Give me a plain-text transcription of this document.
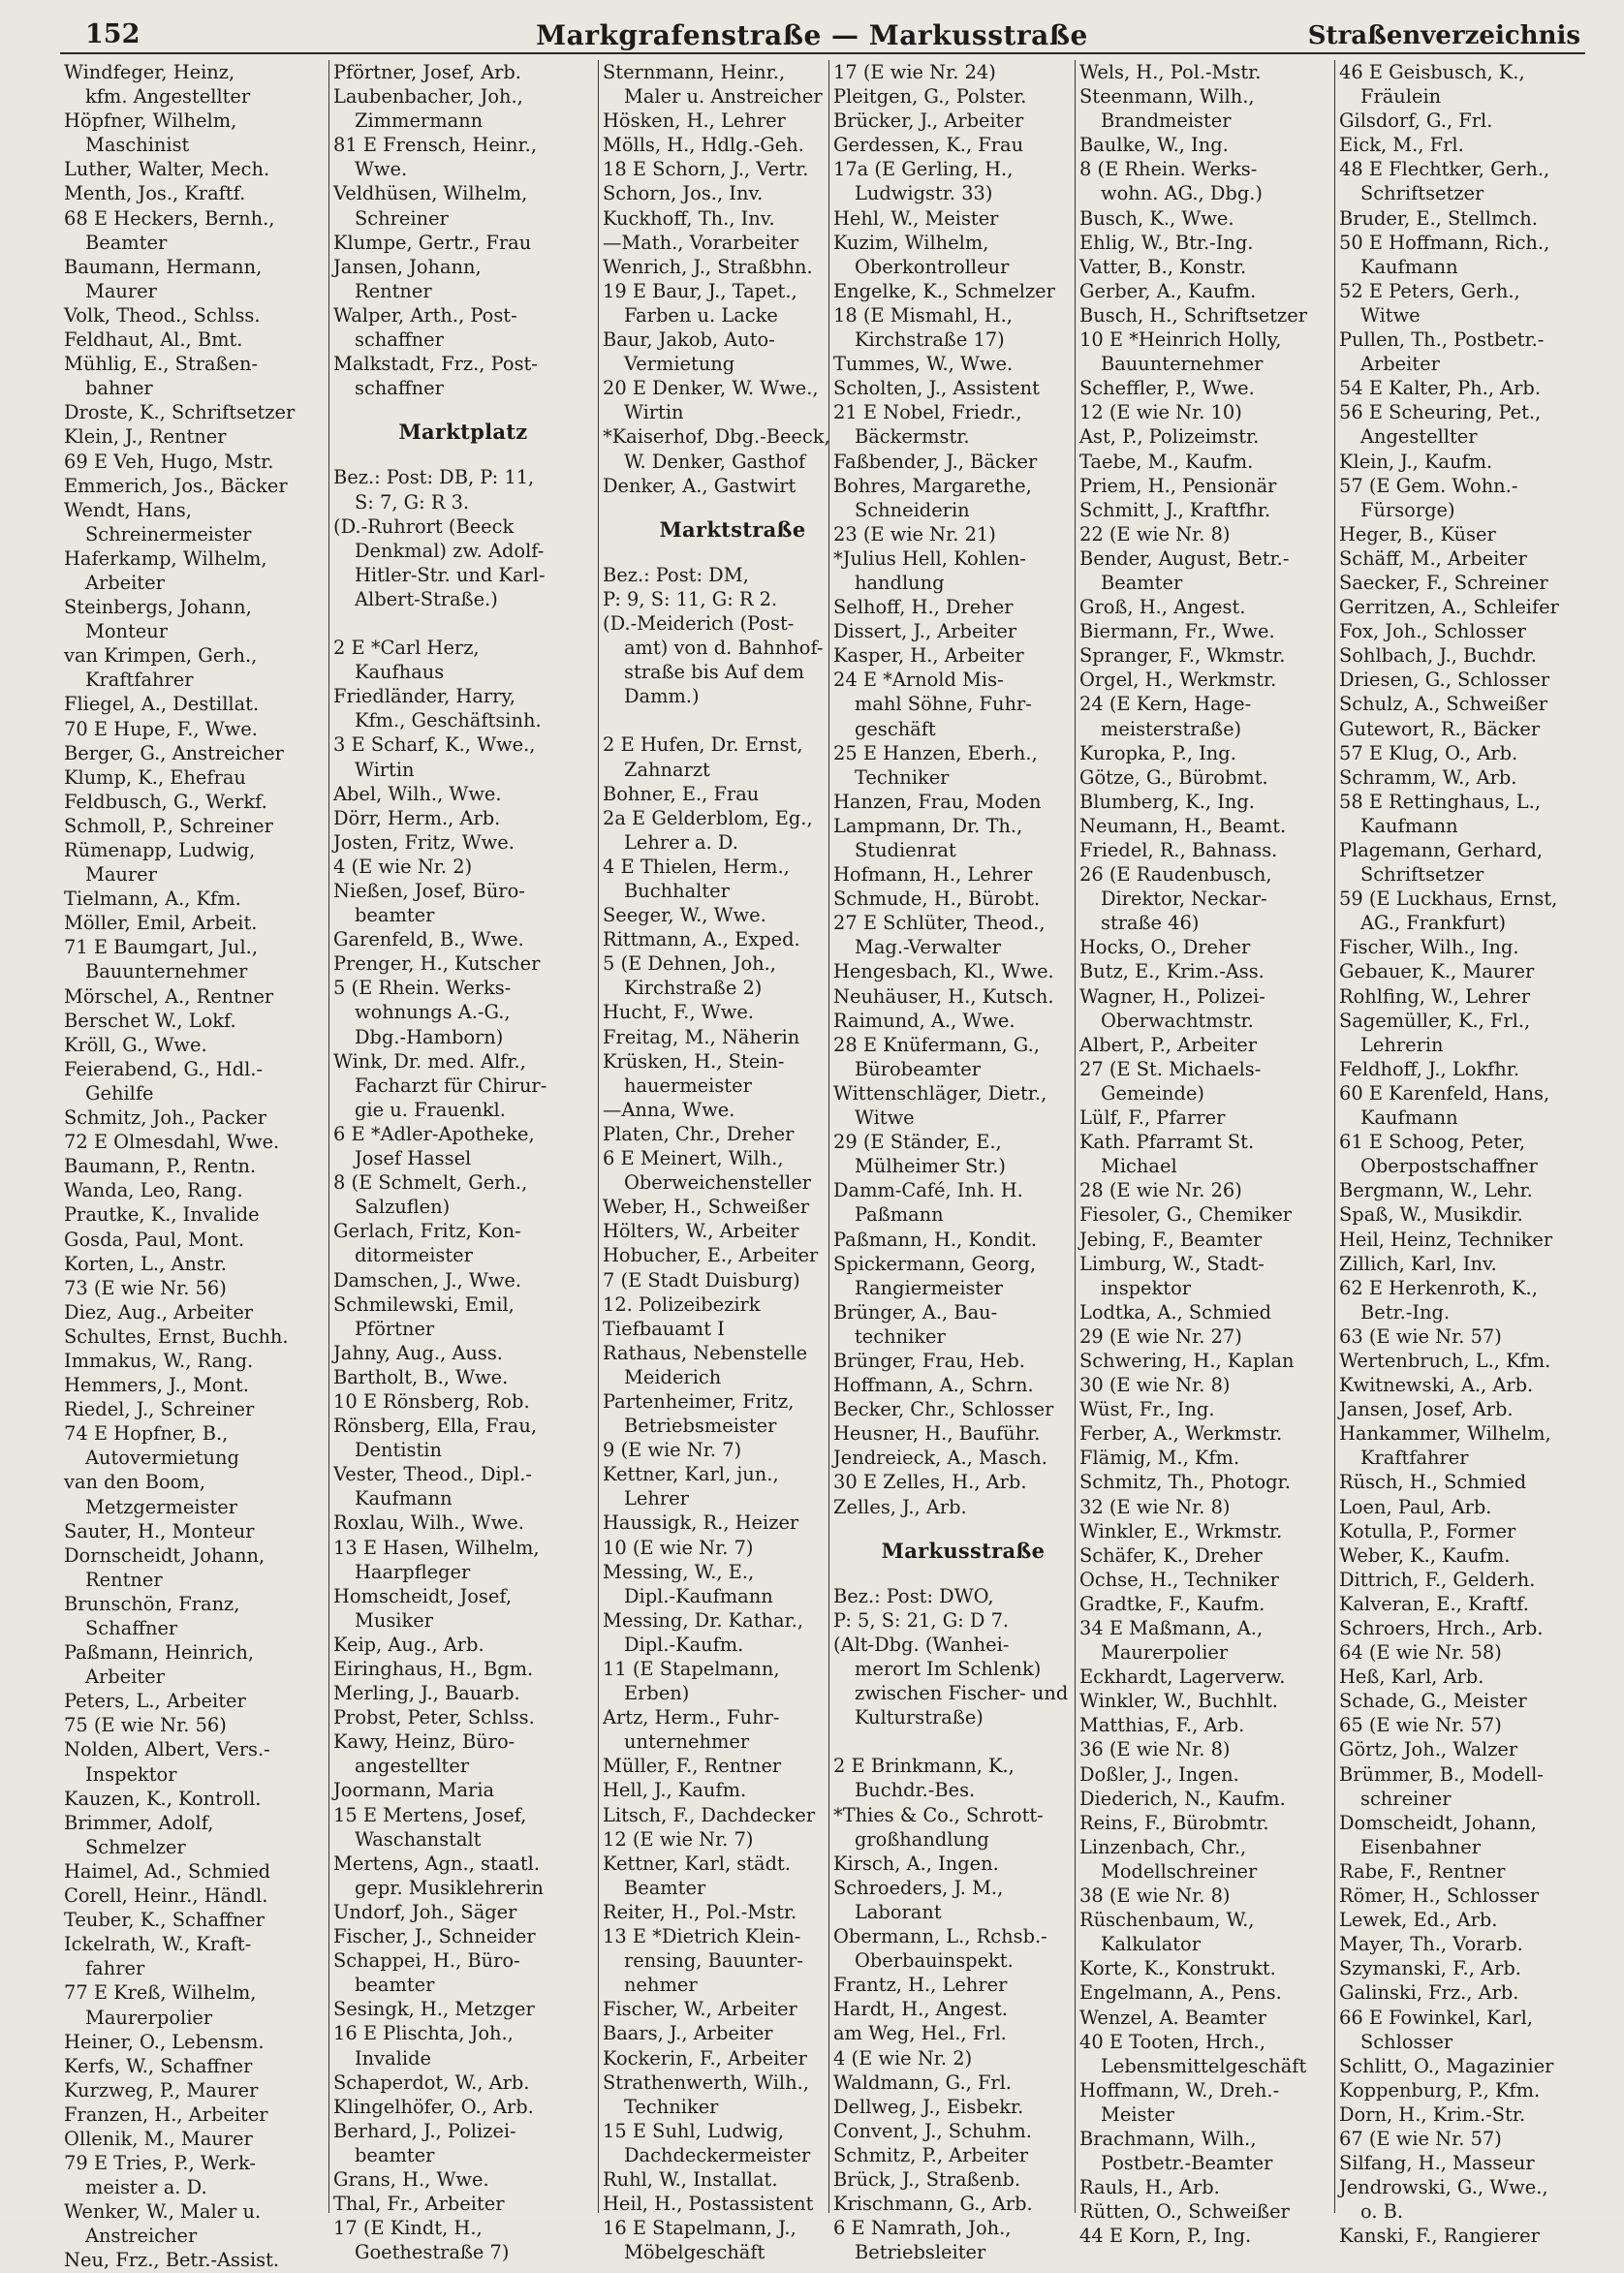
152	Markgrafenstraße — Markusstraße	Straßenverzeichnis
Windfeger, Heinz,
kfm. Angestellter
Höpfner, Wilhelm,
Maschinist
Luther, Walter, Mech.
Menth, Jos., Kraftf.
68 E Heckers, Bernh.,
Beamter
Baumann, Hermann,
Maurer
Volk, Theod., Schlss.
Feldhaut, Al., Bmt.
Mühlig, E., Straßen-
bahner
Droste, K., Schriftsetzer
Klein, J., Rentner
69 E Veh, Hugo, Mstr.
Emmerich, Jos., Bäcker
Wendt, Hans,
Schreinermeister
Haferkamp, Wilhelm,
Arbeiter
Steinbergs, Johann,
Monteur
van Krimpen, Gerh.,
Kraftfahrer
Fliegel, A., Destillat.
70 E Hupe, F., Wwe.
Berger, G., Anstreicher
Klump, K., Ehefrau
Feldbusch, G., Werkf.
Schmoll, P., Schreiner
Rümenapp, Ludwig,
Maurer
Tielmann, A., Kfm.
Möller, Emil, Arbeit.
71 E Baumgart, Jul.,
Bauunternehmer
Mörschel, A., Rentner
Berschet W., Lokf.
Kröll, G., Wwe.
Feierabend, G., Hdl.-
Gehilfe
Schmitz, Joh., Packer
72 E Olmesdahl, Wwe.
Baumann, P., Rentn.
Wanda, Leo, Rang.
Prautke, K., Invalide
Gosda, Paul, Mont.
Korten, L., Anstr.
73 (E wie Nr. 56)
Diez, Aug., Arbeiter
Schultes, Ernst, Buchh.
Immakus, W., Rang.
Hemmers, J., Mont.
Riedel, J., Schreiner
74 E Hopfner, B.,
Autovermietung
van den Boom,
Metzgermeister
Sauter, H., Monteur
Dornscheidt, Johann,
Rentner
Brunschön, Franz,
Schaffner
Paßmann, Heinrich,
Arbeiter
Peters, L., Arbeiter
75 (E wie Nr. 56)
Nolden, Albert, Vers.-
Inspektor
Kauzen, K., Kontroll.
Brimmer, Adolf,
Schmelzer
Haimel, Ad., Schmied
Corell, Heinr., Händl.
Teuber, K., Schaffner
Ickelrath, W., Kraft-
fahrer
77 E Kreß, Wilhelm,
Maurerpolier
Heiner, O., Lebensm.
Kerfs, W., Schaffner
Kurzweg, P., Maurer
Franzen, H., Arbeiter
Ollenik, M., Maurer
79 E Tries, P., Werk-
meister a. D.
Wenker, W., Maler u.
Anstreicher
Neu, Frz., Betr.-Assist.
Pförtner, Josef, Arb.
Laubenbacher, Joh.,
Zimmermann
81 E Frensch, Heinr.,
Wwe.
Veldhüsen, Wilhelm,
Schreiner
Klumpe, Gertr., Frau
Jansen, Johann,
Rentner
Walper, Arth., Post-
schaffner
Malkstadt, Frz., Post-
schaffner
Marktplatz
Bez.: Post: DB, P: 11,
S: 7, G: R 3.
(D.-Ruhrort (Beeck
Denkmal) zw. Adolf-
Hitler-Str. und Karl-
Albert-Straße.)
2 E *Carl Herz,
Kaufhaus
Friedländer, Harry,
Kfm., Geschäftsinh.
3 E Scharf, K., Wwe.,
Wirtin
Abel, Wilh., Wwe.
Dörr, Herm., Arb.
Josten, Fritz, Wwe.
4 (E wie Nr. 2)
Nießen, Josef, Büro-
beamter
Garenfeld, B., Wwe.
Prenger, H., Kutscher
5 (E Rhein. Werks-
wohnungs A.-G.,
Dbg.-Hamborn)
Wink, Dr. med. Alfr.,
Facharzt für Chirur-
gie u. Frauenkl.
6 E *Adler-Apotheke,
Josef Hassel
8 (E Schmelt, Gerh.,
Salzuflen)
Gerlach, Fritz, Kon-
ditormeister
Damschen, J., Wwe.
Schmilewski, Emil,
Pförtner
Jahny, Aug., Auss.
Bartholt, B., Wwe.
10 E Rönsberg, Rob.
Rönsberg, Ella, Frau,
Dentistin
Vester, Theod., Dipl.-
Kaufmann
Roxlau, Wilh., Wwe.
13 E Hasen, Wilhelm,
Haarpfleger
Homscheidt, Josef,
Musiker
Keip, Aug., Arb.
Eiringhaus, H., Bgm.
Merling, J., Bauarb.
Probst, Peter, Schlss.
Kawy, Heinz, Büro-
angestellter
Joormann, Maria
15 E Mertens, Josef,
Waschanstalt
Mertens, Agn., staatl.
gepr. Musiklehrerin
Undorf, Joh., Säger
Fischer, J., Schneider
Schappei, H., Büro-
beamter
Sesingk, H., Metzger
16 E Plischta, Joh.,
Invalide
Schaperdot, W., Arb.
Klingelhöfer, O., Arb.
Berhard, J., Polizei-
beamter
Grans, H., Wwe.
Thal, Fr., Arbeiter
17 (E Kindt, H.,
Goethestraße 7)
Sternmann, Heinr.,
Maler u. Anstreicher
Hösken, H., Lehrer
Mölls, H., Hdlg.-Geh.
18 E Schorn, J., Vertr.
Schorn, Jos., Inv.
Kuckhoff, Th., Inv.
—Math., Vorarbeiter
Wenrich, J., Straßbhn.
19 E Baur, J., Tapet.,
Farben u. Lacke
Baur, Jakob, Auto-
Vermietung
20 E Denker, W. Wwe.,
Wirtin
*Kaiserhof, Dbg.-Beeck,
W. Denker, Gasthof
Denker, A., Gastwirt
Marktstraße
Bez.: Post: DM,
P: 9, S: 11, G: R 2.
(D.-Meiderich (Post-
amt) von d. Bahnhof-
straße bis Auf dem
Damm.)
2 E Hufen, Dr. Ernst,
Zahnarzt
Bohner, E., Frau
2a E Gelderblom, Eg.,
Lehrer a. D.
4 E Thielen, Herm.,
Buchhalter
Seeger, W., Wwe.
Rittmann, A., Exped.
5 (E Dehnen, Joh.,
Kirchstraße 2)
Hucht, F., Wwe.
Freitag, M., Näherin
Krüsken, H., Stein-
hauermeister
—Anna, Wwe.
Platen, Chr., Dreher
6 E Meinert, Wilh.,
Oberweichensteller
Weber, H., Schweißer
Hölters, W., Arbeiter
Hobucher, E., Arbeiter
7 (E Stadt Duisburg)
12. Polizeibezirk
Tiefbauamt I
Rathaus, Nebenstelle
Meiderich
Partenheimer, Fritz,
Betriebsmeister
9 (E wie Nr. 7)
Kettner, Karl, jun.,
Lehrer
Haussigk, R., Heizer
10 (E wie Nr. 7)
Messing, W., E.,
Dipl.-Kaufmann
Messing, Dr. Kathar.,
Dipl.-Kaufm.
11 (E Stapelmann,
Erben)
Artz, Herm., Fuhr-
unternehmer
Müller, F., Rentner
Hell, J., Kaufm.
Litsch, F., Dachdecker
12 (E wie Nr. 7)
Kettner, Karl, städt.
Beamter
Reiter, H., Pol.-Mstr.
13 E *Dietrich Klein-
rensing, Bauunter-
nehmer
Fischer, W., Arbeiter
Baars, J., Arbeiter
Kockerin, F., Arbeiter
Strathenwerth, Wilh.,
Techniker
15 E Suhl, Ludwig,
Dachdeckermeister
Ruhl, W., Installat.
Heil, H., Postassistent
16 E Stapelmann, J.,
Möbelgeschäft
17 (E wie Nr. 24)
Pleitgen, G., Polster.
Brücker, J., Arbeiter
Gerdessen, K., Frau
17a (E Gerling, H.,
Ludwigstr. 33)
Hehl, W., Meister
Kuzim, Wilhelm,
Oberkontrolleur
Engelke, K., Schmelzer
18 (E Mismahl, H.,
Kirchstraße 17)
Tummes, W., Wwe.
Scholten, J., Assistent
21 E Nobel, Friedr.,
Bäckermstr.
Faßbender, J., Bäcker
Bohres, Margarethe,
Schneiderin
23 (E wie Nr. 21)
*Julius Hell, Kohlen-
handlung
Selhoff, H., Dreher
Dissert, J., Arbeiter
Kasper, H., Arbeiter
24 E *Arnold Mis-
mahl Söhne, Fuhr-
geschäft
25 E Hanzen, Eberh.,
Techniker
Hanzen, Frau, Moden
Lampmann, Dr. Th.,
Studienrat
Hofmann, H., Lehrer
Schmude, H., Bürobt.
27 E Schlüter, Theod.,
Mag.-Verwalter
Hengesbach, Kl., Wwe.
Neuhäuser, H., Kutsch.
Raimund, A., Wwe.
28 E Knüfermann, G.,
Bürobeamter
Wittenschläger, Dietr.,
Witwe
29 (E Ständer, E.,
Mülheimer Str.)
Damm-Café, Inh. H.
Paßmann
Paßmann, H., Kondit.
Spickermann, Georg,
Rangiermeister
Brünger, A., Bau-
techniker
Brünger, Frau, Heb.
Hoffmann, A., Schrn.
Becker, Chr., Schlosser
Heusner, H., Bauführ.
Jendreieck, A., Masch.
30 E Zelles, H., Arb.
Zelles, J., Arb.
Markusstraße
Bez.: Post: DWO,
P: 5, S: 21, G: D 7.
(Alt-Dbg. (Wanhei-
merort Im Schlenk)
zwischen Fischer- und
Kulturstraße)
2 E Brinkmann, K.,
Buchdr.-Bes.
*Thies & Co., Schrott-
großhandlung
Kirsch, A., Ingen.
Schroeders, J. M.,
Laborant
Obermann, L., Rchsb.-
Oberbauinspekt.
Frantz, H., Lehrer
Hardt, H., Angest.
am Weg, Hel., Frl.
4 (E wie Nr. 2)
Waldmann, G., Frl.
Dellweg, J., Eisbekr.
Convent, J., Schuhm.
Schmitz, P., Arbeiter
Brück, J., Straßenb.
Krischmann, G., Arb.
6 E Namrath, Joh.,
Betriebsleiter
Wels, H., Pol.-Mstr.
Steenmann, Wilh.,
Brandmeister
Baulke, W., Ing.
8 (E Rhein. Werks-
wohn. AG., Dbg.)
Busch, K., Wwe.
Ehlig, W., Btr.-Ing.
Vatter, B., Konstr.
Gerber, A., Kaufm.
Busch, H., Schriftsetzer
10 E *Heinrich Holly,
Bauunternehmer
Scheffler, P., Wwe.
12 (E wie Nr. 10)
Ast, P., Polizeimstr.
Taebe, M., Kaufm.
Priem, H., Pensionär
Schmitt, J., Kraftfhr.
22 (E wie Nr. 8)
Bender, August, Betr.-
Beamter
Groß, H., Angest.
Biermann, Fr., Wwe.
Spranger, F., Wkmstr.
Orgel, H., Werkmstr.
24 (E Kern, Hage-
meisterstraße)
Kuropka, P., Ing.
Götze, G., Bürobmt.
Blumberg, K., Ing.
Neumann, H., Beamt.
Friedel, R., Bahnass.
26 (E Raudenbusch,
Direktor, Neckar-
straße 46)
Hocks, O., Dreher
Butz, E., Krim.-Ass.
Wagner, H., Polizei-
Oberwachtmstr.
Albert, P., Arbeiter
27 (E St. Michaels-
Gemeinde)
Lülf, F., Pfarrer
Kath. Pfarramt St.
Michael
28 (E wie Nr. 26)
Fiesoler, G., Chemiker
Jebing, F., Beamter
Limburg, W., Stadt-
inspektor
Lodtka, A., Schmied
29 (E wie Nr. 27)
Schwering, H., Kaplan
30 (E wie Nr. 8)
Wüst, Fr., Ing.
Ferber, A., Werkmstr.
Flämig, M., Kfm.
Schmitz, Th., Photogr.
32 (E wie Nr. 8)
Winkler, E., Wrkmstr.
Schäfer, K., Dreher
Ochse, H., Techniker
Gradtke, F., Kaufm.
34 E Maßmann, A.,
Maurerpolier
Eckhardt, Lagerverw.
Winkler, W., Buchhlt.
Matthias, F., Arb.
36 (E wie Nr. 8)
Doßler, J., Ingen.
Diederich, N., Kaufm.
Reins, F., Bürobmtr.
Linzenbach, Chr.,
Modellschreiner
38 (E wie Nr. 8)
Rüschenbaum, W.,
Kalkulator
Korte, K., Konstrukt.
Engelmann, A., Pens.
Wenzel, A. Beamter
40 E Tooten, Hrch.,
Lebensmittelgeschäft
Hoffmann, W., Dreh.-
Meister
Brachmann, Wilh.,
Postbetr.-Beamter
Rauls, H., Arb.
Rütten, O., Schweißer
44 E Korn, P., Ing.
46 E Geisbusch, K.,
Fräulein
Gilsdorf, G., Frl.
Eick, M., Frl.
48 E Flechtker, Gerh.,
Schriftsetzer
Bruder, E., Stellmch.
50 E Hoffmann, Rich.,
Kaufmann
52 E Peters, Gerh.,
Witwe
Pullen, Th., Postbetr.-
Arbeiter
54 E Kalter, Ph., Arb.
56 E Scheuring, Pet.,
Angestellter
Klein, J., Kaufm.
57 (E Gem. Wohn.-
Fürsorge)
Heger, B., Küser
Schäff, M., Arbeiter
Saecker, F., Schreiner
Gerritzen, A., Schleifer
Fox, Joh., Schlosser
Sohlbach, J., Buchdr.
Driesen, G., Schlosser
Schulz, A., Schweißer
Gutewort, R., Bäcker
57 E Klug, O., Arb.
Schramm, W., Arb.
58 E Rettinghaus, L.,
Kaufmann
Plagemann, Gerhard,
Schriftsetzer
59 (E Luckhaus, Ernst,
AG., Frankfurt)
Fischer, Wilh., Ing.
Gebauer, K., Maurer
Rohlfing, W., Lehrer
Sagemüller, K., Frl.,
Lehrerin
Feldhoff, J., Lokfhr.
60 E Karenfeld, Hans,
Kaufmann
61 E Schoog, Peter,
Oberpostschaffner
Bergmann, W., Lehr.
Spaß, W., Musikdir.
Heil, Heinz, Techniker
Zillich, Karl, Inv.
62 E Herkenroth, K.,
Betr.-Ing.
63 (E wie Nr. 57)
Wertenbruch, L., Kfm.
Kwitnewski, A., Arb.
Jansen, Josef, Arb.
Hankammer, Wilhelm,
Kraftfahrer
Rüsch, H., Schmied
Loen, Paul, Arb.
Kotulla, P., Former
Weber, K., Kaufm.
Dittrich, F., Gelderh.
Kalveran, E., Kraftf.
Schroers, Hrch., Arb.
64 (E wie Nr. 58)
Heß, Karl, Arb.
Schade, G., Meister
65 (E wie Nr. 57)
Görtz, Joh., Walzer
Brümmer, B., Modell-
schreiner
Domscheidt, Johann,
Eisenbahner
Rabe, F., Rentner
Römer, H., Schlosser
Lewek, Ed., Arb.
Mayer, Th., Vorarb.
Szymanski, F., Arb.
Galinski, Frz., Arb.
66 E Fowinkel, Karl,
Schlosser
Schlitt, O., Magazinier
Koppenburg, P., Kfm.
Dorn, H., Krim.-Str.
67 (E wie Nr. 57)
Silfang, H., Masseur
Jendrowski, G., Wwe.,
o. B.
Kanski, F., Rangierer
